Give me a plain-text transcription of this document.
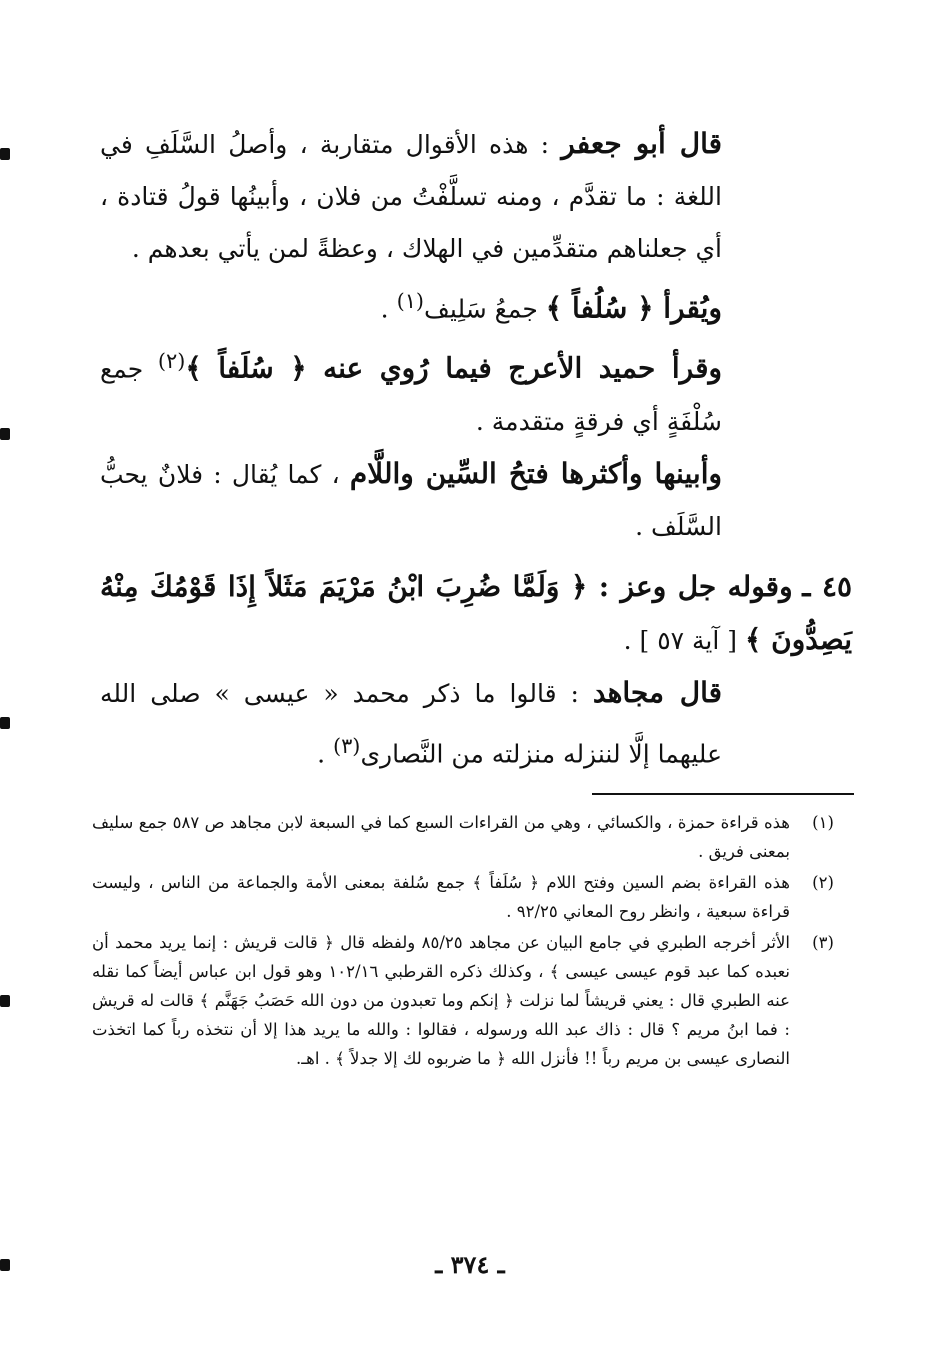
قال أبو جعفر : هذه الأقوال متقاربة ، وأصلُ السَّلَفِ في اللغة : ما تقدَّم ، ومنه تسلَّفْتُ من فلان ، وأبينُها قولُ قتادة ، أي جعلناهم متقدِّمين في الهلاك ، وعظةً لمن يأتي بعدهم .

ويُقرأ ﴿ سُلُفاً ﴾ جمعُ سَلِيف$^{(١)}$ .

وقرأ حميد الأعرج فيما رُوي عنه ﴿ سُلَفاً ﴾$^{(٢)}$ جمع سُلْفَةٍ أي فرقةٍ متقدمة .

وأبينها وأكثرها فتحُ السِّين واللَّام ، كما يُقال : فلانٌ يحبُّ السَّلَف .

٤٥ ـ وقوله جل وعز : ﴿ وَلَمَّا ضُرِبَ ابْنُ مَرْيَمَ مَثَلاً إِذَا قَوْمُكَ مِنْهُ يَصِدُّونَ ﴾ [ آية ٥٧ ] .

قال مجاهد : قالوا ما ذكر محمد « عيسى » صلى الله عليهما إلَّا لننزله منزلته من النَّصارى$^{(٣)}$ .

(١)
هذه قراءة حمزة ، والكسائي ، وهي من القراءات السبع كما في السبعة لابن مجاهد ص ٥٨٧ جمع سليف بمعنى فريق .

(٢)
هذه القراءة بضم السين وفتح اللام ﴿ سُلَفاً ﴾ جمع سُلفة بمعنى الأمة والجماعة من الناس ، وليست قراءة سبعية ، وانظر روح المعاني ٩٢/٢٥ .

(٣)
الأثر أخرجه الطبري في جامع البيان عن مجاهد ٨٥/٢٥ ولفظه قال ﴿ قالت قريش : إنما يريد محمد أن نعبده كما عبد قوم عيسى عيسى ﴾ ، وكذلك ذكره القرطبي ١٠٢/١٦ وهو قول ابن عباس أيضاً كما نقله عنه الطبري قال : يعني قريشاً لما نزلت ﴿ إنكم وما تعبدون من دون الله حَصَبُ جَهَنَّم ﴾ قالت له قريش : فما ابنُ مريم ؟ قال : ذاك عبد الله ورسوله ، فقالوا : والله ما يريد هذا إلا أن نتخذه رباً كما اتخذت النصارى عيسى بن مريم رباً !! فأنزل الله ﴿ ما ضربوه لك إلا جدلاً ﴾ . اهـ.

ـ ٣٧٤ ـ
